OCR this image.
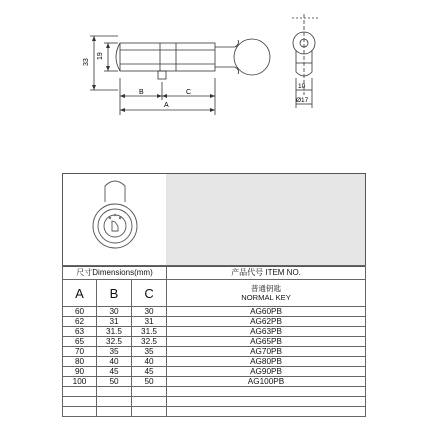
33
19
B	C
A
10
Ø17
尺寸Dimensions(mm)			产品代号 ITEM NO.
A	B	C	普通钥匙
NORMAL KEY

60	30	30	AG60PB
62	31	31	AG62PB
63	31.5	31.5	AG63PB
65	32.5	32.5	AG65PB
70	35	35	AG70PB
80	40	40	AG80PB
90	45	45	AG90PB
100	50	50	AG100PB
